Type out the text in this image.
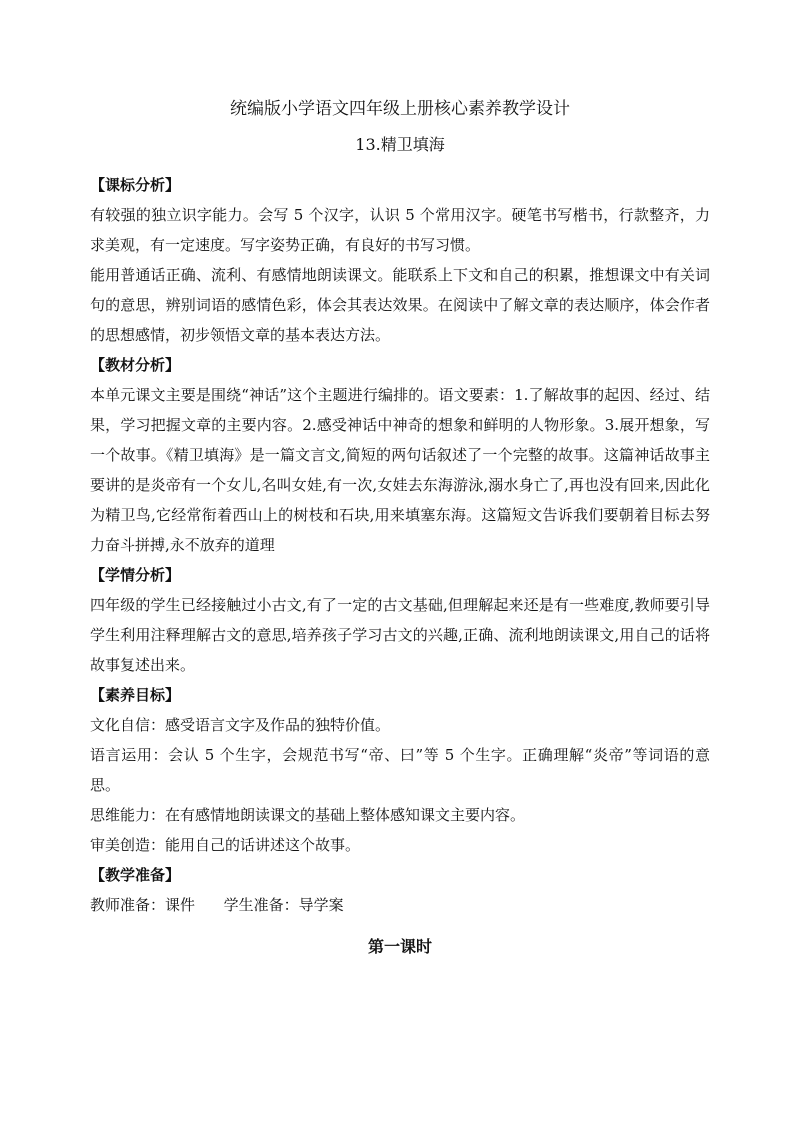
统编版小学语文四年级上册核心素养教学设计

13.精卫填海

【课标分析】

有较强的独立识字能力。会写 5 个汉字，认识 5 个常用汉字。硬笔书写楷书，行款整齐，力求美观，有一定速度。写字姿势正确，有良好的书写习惯。

能用普通话正确、流利、有感情地朗读课文。能联系上下文和自己的积累，推想课文中有关词句的意思，辨别词语的感情色彩，体会其表达效果。在阅读中了解文章的表达顺序，体会作者的思想感情，初步领悟文章的基本表达方法。

【教材分析】

本单元课文主要是围绕“神话”这个主题进行编排的。语文要素：1.了解故事的起因、经过、结果，学习把握文章的主要内容。2.感受神话中神奇的想象和鲜明的人物形象。3.展开想象，写一个故事。《精卫填海》是一篇文言文,简短的两句话叙述了一个完整的故事。这篇神话故事主要讲的是炎帝有一个女儿,名叫女娃,有一次,女娃去东海游泳,溺水身亡了,再也没有回来,因此化为精卫鸟,它经常衔着西山上的树枝和石块,用来填塞东海。这篇短文告诉我们要朝着目标去努力奋斗拼搏,永不放弃的道理

【学情分析】

四年级的学生已经接触过小古文,有了一定的古文基础,但理解起来还是有一些难度,教师要引导学生利用注释理解古文的意思,培养孩子学习古文的兴趣,正确、流利地朗读课文,用自己的话将故事复述出来。

【素养目标】

文化自信：感受语言文字及作品的独特价值。

语言运用：会认 5 个生字，会规范书写“帝、曰”等 5 个生字。正确理解“炎帝”等词语的意思。

思维能力：在有感情地朗读课文的基础上整体感知课文主要内容。

审美创造：能用自己的话讲述这个故事。

【教学准备】

教师准备：课件      学生准备：导学案

第一课时
